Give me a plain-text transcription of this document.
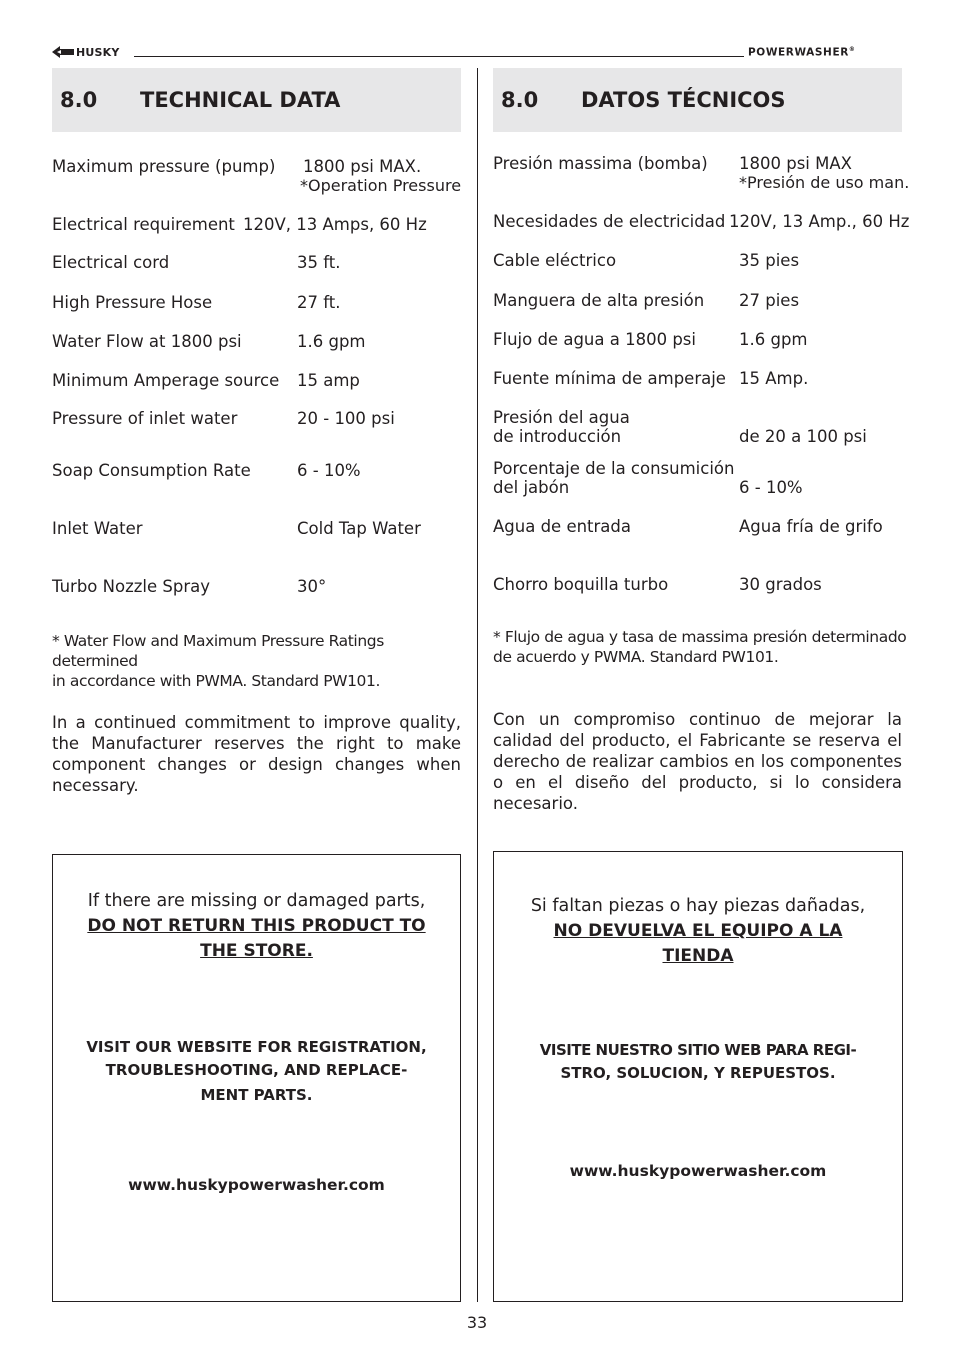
HUSKY	POWERWASHER®
8.0 TECHNICAL DATA	8.0 DATOS TÉCNICOS
Maximum pressure (pump) 1800 psi MAX.
*Operation Pressure
Electrical requirement 120V, 13 Amps, 60 Hz
Electrical cord	35 ft.
High Pressure Hose	27 ft.
Water Flow at 1800 psi	1.6 gpm
Minimum Amperage source 15 amp
Pressure of inlet water	20 - 100 psi
Soap Consumption Rate	6 - 10%
Inlet Water	Cold Tap Water
Turbo Nozzle Spray	30°
Presión massima (bomba) 1800 psi MAX
*Presión de uso man.
Necesidades de electricidad 120V, 13 Amp., 60 Hz
Cable eléctrico	35 pies
Manguera de alta presión 27 pies
Flujo de agua a 1800 psi	1.6 gpm
Fuente mínima de amperaje 15 Amp.
Presión del agua
de introducción	de 20 a 100 psi
Porcentaje de la consumición
del jabón	6 - 10%
Agua de entrada	Agua fría de grifo
Chorro boquilla turbo	30 grados
* Water Flow and Maximum Pressure Ratings determined
in accordance with PWMA. Standard PW101.
* Flujo de agua y tasa de massima presión determinado
de acuerdo y PWMA. Standard PW101.
In a continued commitment to improve quality, the Manufacturer reserves the right to make component changes or design changes when necessary.
Con un compromiso continuo de mejorar la calidad del producto, el Fabricante se reserva el derecho de realizar cambios en los componentes o en el diseño del producto, si lo considera necesario.
If there are missing or damaged parts,
DO NOT RETURN THIS PRODUCT TO
THE STORE.
VISIT OUR WEBSITE FOR REGISTRATION,
TROUBLESHOOTING, AND REPLACE-
MENT PARTS.
www.huskypowerwasher.com
Si faltan piezas o hay piezas dañadas,
NO DEVUELVA EL EQUIPO A LA
TIENDA
VISITE NUESTRO SITIO WEB PARA REGI-
STRO, SOLUCION, Y REPUESTOS.
www.huskypowerwasher.com
33
